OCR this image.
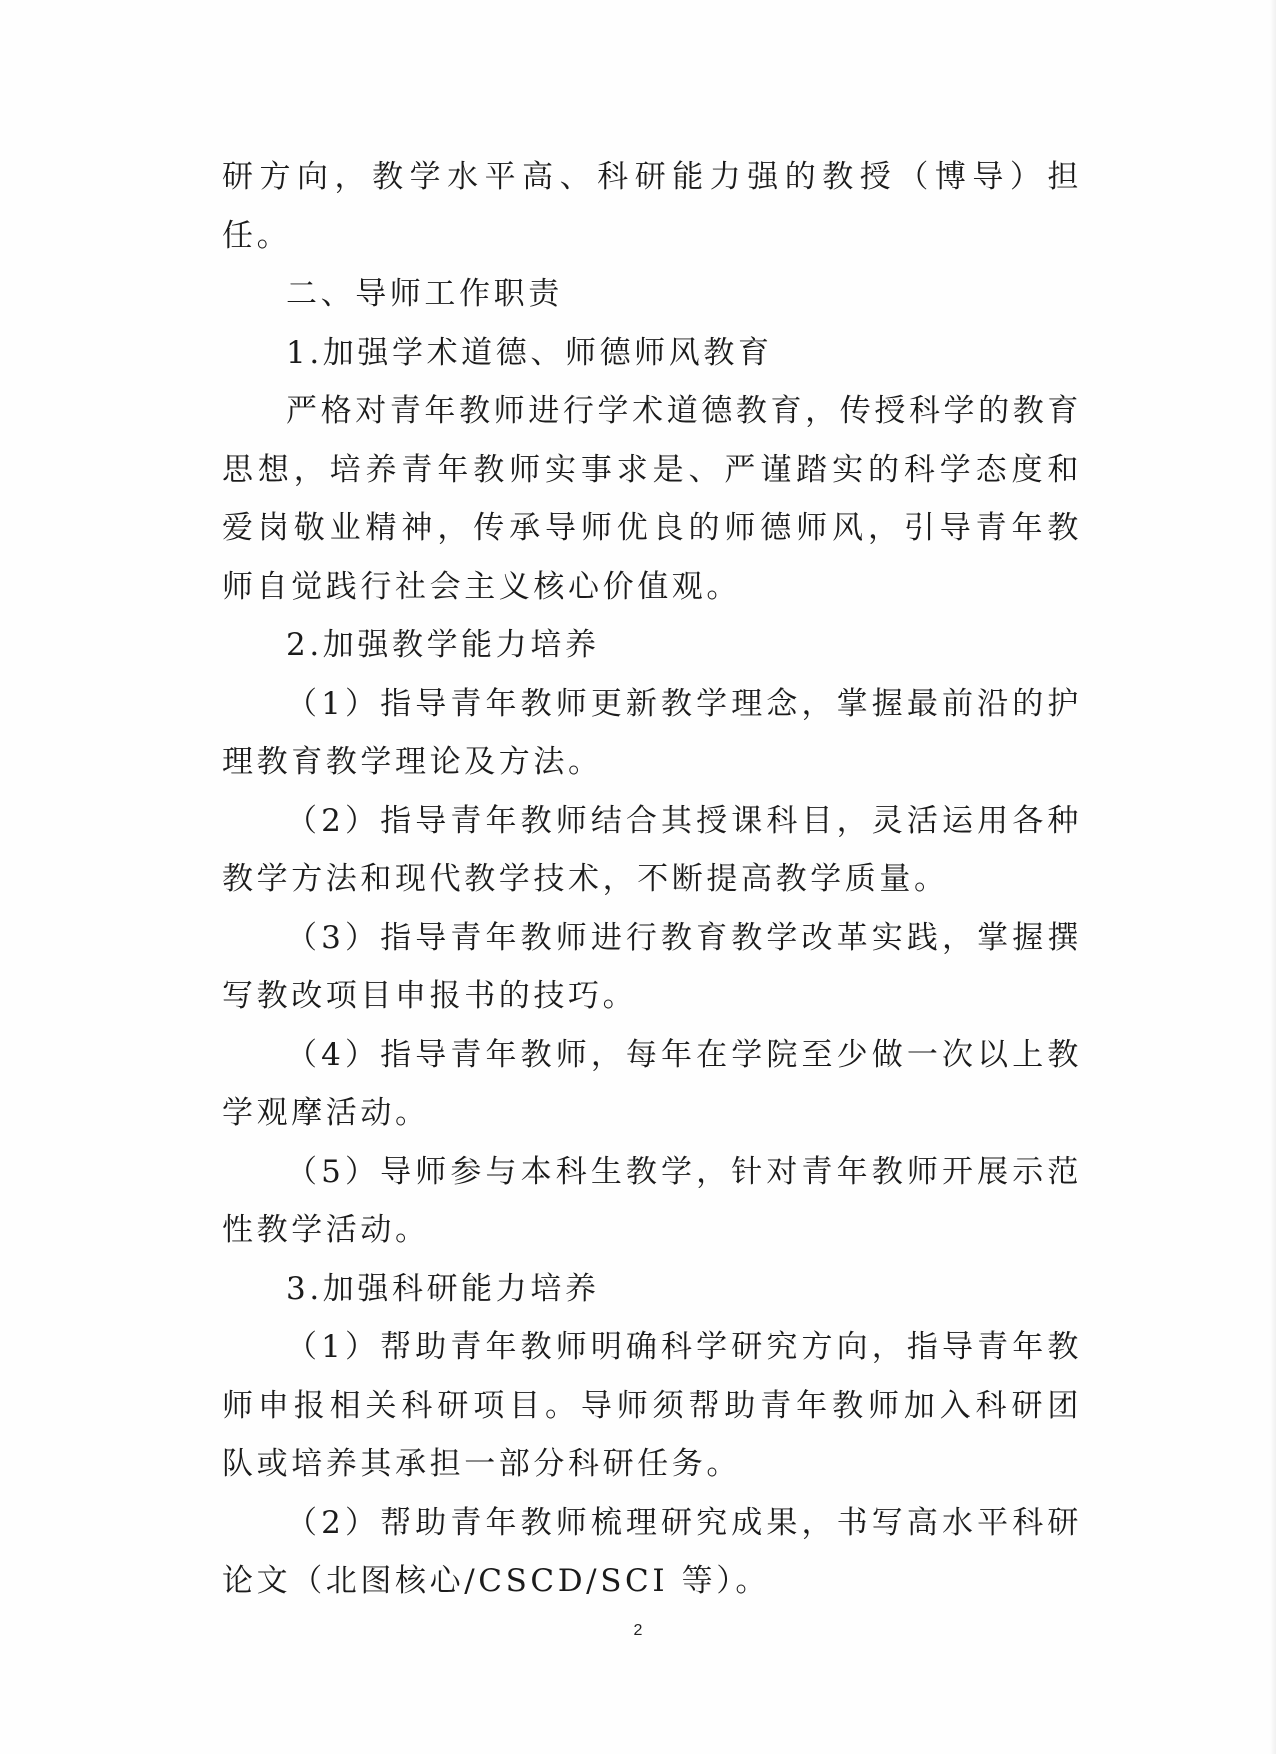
研方向，教学水平高、科研能力强的教授（博导）担任。

二、导师工作职责

1.加强学术道德、师德师风教育

严格对青年教师进行学术道德教育，传授科学的教育思想，培养青年教师实事求是、严谨踏实的科学态度和爱岗敬业精神，传承导师优良的师德师风，引导青年教师自觉践行社会主义核心价值观。

2.加强教学能力培养

（1）指导青年教师更新教学理念，掌握最前沿的护理教育教学理论及方法。

（2）指导青年教师结合其授课科目，灵活运用各种教学方法和现代教学技术，不断提高教学质量。

（3）指导青年教师进行教育教学改革实践，掌握撰写教改项目申报书的技巧。

（4）指导青年教师，每年在学院至少做一次以上教学观摩活动。

（5）导师参与本科生教学，针对青年教师开展示范性教学活动。

3.加强科研能力培养

（1）帮助青年教师明确科学研究方向，指导青年教师申报相关科研项目。导师须帮助青年教师加入科研团队或培养其承担一部分科研任务。

（2）帮助青年教师梳理研究成果，书写高水平科研论文（北图核心/CSCD/SCI 等）。

2
